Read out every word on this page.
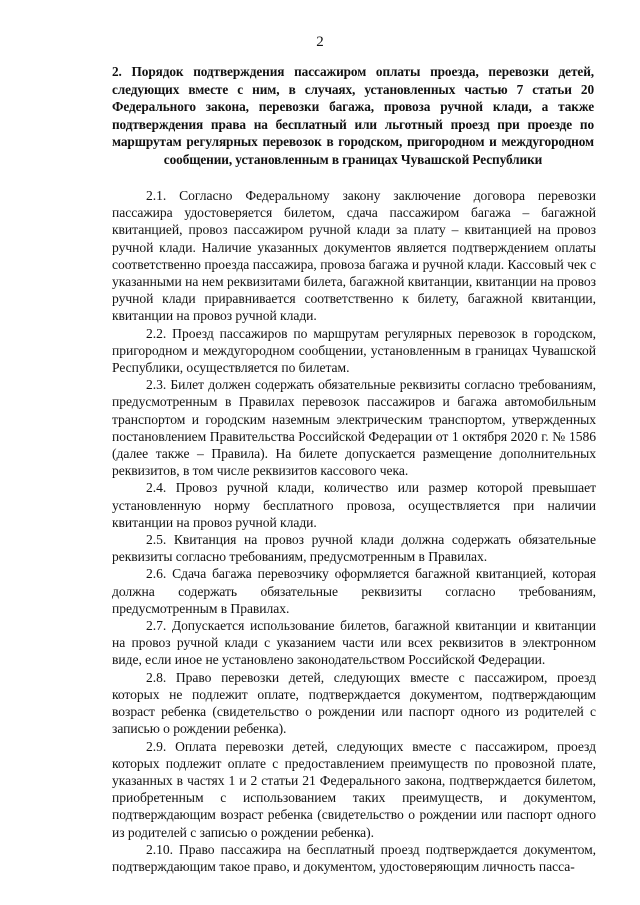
2
2. Порядок подтверждения пассажиром оплаты проезда, перевозки детей, следующих вместе с ним, в случаях, установленных частью 7 статьи 20 Федерального закона, перевозки багажа, провоза ручной клади, а также подтверждения права на бесплатный или льготный проезд при проезде по маршрутам регулярных перевозок в городском, пригородном и междугородном сообщении, установленным в границах Чувашской Республики

2.1. Согласно Федеральному закону заключение договора перевозки пассажира удостоверяется билетом, сдача пассажиром багажа – багажной квитанцией, провоз пассажиром ручной клади за плату – квитанцией на провоз ручной клади. Наличие указанных документов является подтверждением оплаты соответственно проезда пассажира, провоза багажа и ручной клади. Кассовый чек с указанными на нем реквизитами билета, багажной квитанции, квитанции на провоз ручной клади приравнивается соответственно к билету, багажной квитанции, квитанции на провоз ручной клади.

2.2. Проезд пассажиров по маршрутам регулярных перевозок в городском, пригородном и междугородном сообщении, установленным в границах Чувашской Республики, осуществляется по билетам.

2.3. Билет должен содержать обязательные реквизиты согласно требованиям, предусмотренным в Правилах перевозок пассажиров и багажа автомобильным транспортом и городским наземным электрическим транспортом, утвержденных постановлением Правительства Российской Федерации от 1 октября 2020 г. № 1586 (далее также – Правила). На билете допускается размещение дополнительных реквизитов, в том числе реквизитов кассового чека.

2.4. Провоз ручной клади, количество или размер которой превышает установленную норму бесплатного провоза, осуществляется при наличии квитанции на провоз ручной клади.

2.5. Квитанция на провоз ручной клади должна содержать обязательные реквизиты согласно требованиям, предусмотренным в Правилах.

2.6. Сдача багажа перевозчику оформляется багажной квитанцией, которая должна содержать обязательные реквизиты согласно требованиям, предусмотренным в Правилах.

2.7. Допускается использование билетов, багажной квитанции и квитанции на провоз ручной клади с указанием части или всех реквизитов в электронном виде, если иное не установлено законодательством Российской Федерации.

2.8. Право перевозки детей, следующих вместе с пассажиром, проезд которых не подлежит оплате, подтверждается документом, подтверждающим возраст ребенка (свидетельство о рождении или паспорт одного из родителей с записью о рождении ребенка).

2.9. Оплата перевозки детей, следующих вместе с пассажиром, проезд которых подлежит оплате с предоставлением преимуществ по провозной плате, указанных в частях 1 и 2 статьи 21 Федерального закона, подтверждается билетом, приобретенным с использованием таких преимуществ, и документом, подтверждающим возраст ребенка (свидетельство о рождении или паспорт одного из родителей с записью о рождении ребенка).

2.10. Право пассажира на бесплатный проезд подтверждается документом, подтверждающим такое право, и документом, удостоверяющим личность пасса-
